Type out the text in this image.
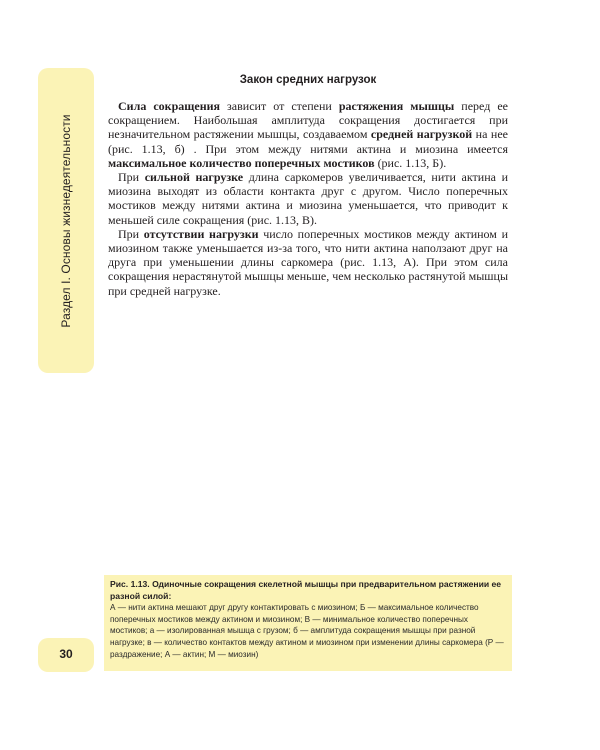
Раздел I. Основы жизнедеятельности
30
Закон средних нагрузок

Сила сокращения зависит от степени растяжения мышцы перед ее сокращением. Наибольшая амплитуда сокращения достигается при незначительном растяжении мышцы, создаваемом средней нагрузкой на нее (рис. 1.13, б) . При этом между нитями актина и миозина имеется максимальное количество поперечных мостиков (рис. 1.13, Б).

При сильной нагрузке длина саркомеров увеличивается, нити актина и миозина выходят из области контакта друг с другом. Число поперечных мостиков между нитями актина и миозина уменьшается, что приводит к меньшей силе сокращения (рис. 1.13, В).

При отсутствии нагрузки число поперечных мостиков между актином и миозином также уменьшается из-за того, что нити актина наползают друг на друга при уменьшении длины саркомера (рис. 1.13, А). При этом сила сокращения нерастянутой мышцы меньше, чем несколько растянутой мышцы при средней нагрузке.

Рис. 1.13. Одиночные сокращения скелетной мышцы при предварительном растяжении ее разной силой:
А — нити актина мешают друг другу контактировать с миозином; Б — максимальное количество поперечных мостиков между актином и миозином; В — минимальное количество поперечных мостиков; а — изолированная мышца с грузом; б — амплитуда сокращения мышцы при разной нагрузке; в — количество контактов между актином и миозином при изменении длины саркомера (Р — раздражение; А — актин; М — миозин)
